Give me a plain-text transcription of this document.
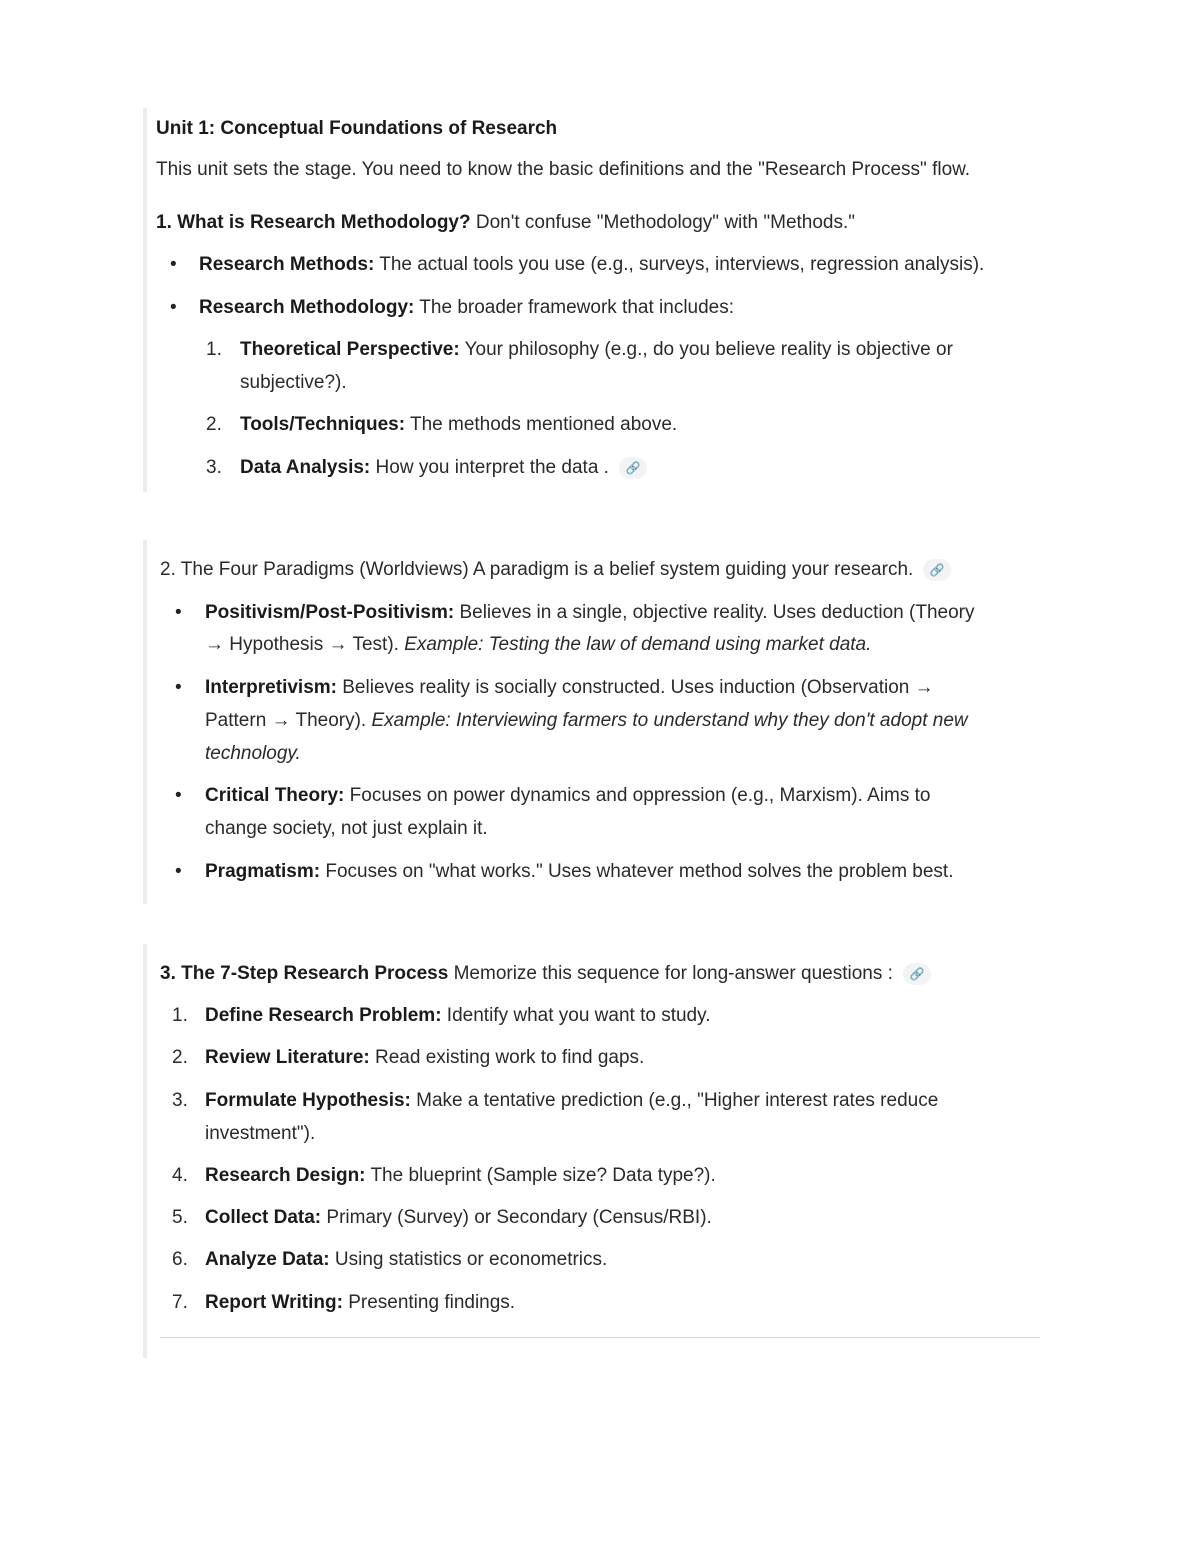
Unit 1: Conceptual Foundations of Research
This unit sets the stage. You need to know the basic definitions and the "Research Process" flow.
1. What is Research Methodology? Don't confuse "Methodology" with "Methods."
• Research Methods: The actual tools you use (e.g., surveys, interviews, regression analysis).
• Research Methodology: The broader framework that includes:
1. Theoretical Perspective: Your philosophy (e.g., do you believe reality is objective or
subjective?).
2. Tools/Techniques: The methods mentioned above.
3. Data Analysis: How you interpret the data . 🔗
2. The Four Paradigms (Worldviews) A paradigm is a belief system guiding your research. 🔗
• Positivism/Post-Positivism: Believes in a single, objective reality. Uses deduction (Theory
→ Hypothesis → Test). Example: Testing the law of demand using market data.
• Interpretivism: Believes reality is socially constructed. Uses induction (Observation →
Pattern → Theory). Example: Interviewing farmers to understand why they don't adopt new
technology.
• Critical Theory: Focuses on power dynamics and oppression (e.g., Marxism). Aims to
change society, not just explain it.
• Pragmatism: Focuses on "what works." Uses whatever method solves the problem best.
3. The 7-Step Research Process Memorize this sequence for long-answer questions : 🔗
1. Define Research Problem: Identify what you want to study.
2. Review Literature: Read existing work to find gaps.
3. Formulate Hypothesis: Make a tentative prediction (e.g., "Higher interest rates reduce
investment").
4. Research Design: The blueprint (Sample size? Data type?).
5. Collect Data: Primary (Survey) or Secondary (Census/RBI).
6. Analyze Data: Using statistics or econometrics.
7. Report Writing: Presenting findings.
